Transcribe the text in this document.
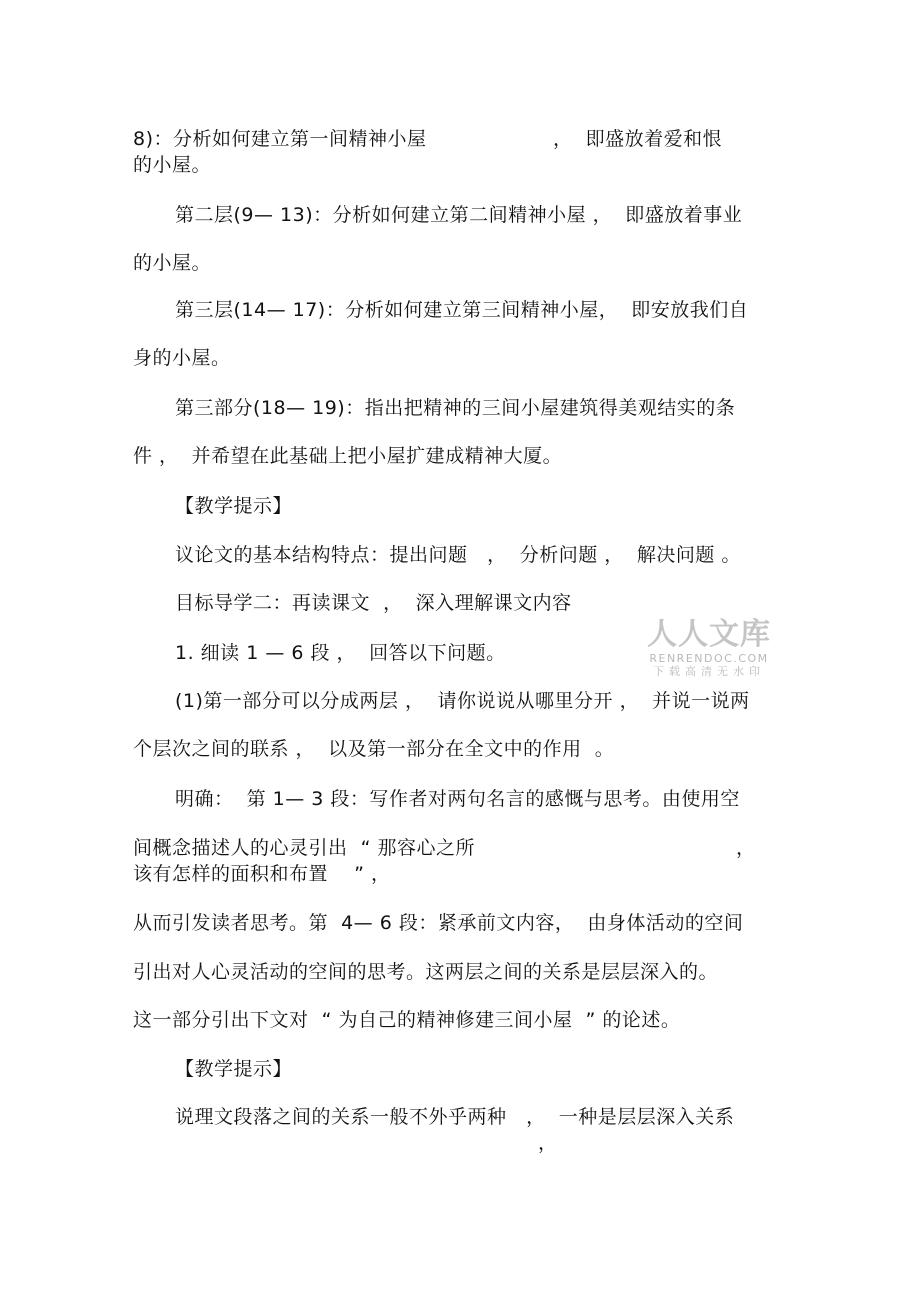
8)：分析如何建立第一间精神小屋	，  即盛放着爱和恨
的小屋。
第二层(9— 13)：分析如何建立第二间精神小屋 ，  即盛放着事业
的小屋。
第三层(14— 17)：分析如何建立第三间精神小屋，  即安放我们自
身的小屋。
第三部分(18— 19)：指出把精神的三间小屋建筑得美观结实的条
件 ，  并希望在此基础上把小屋扩建成精神大厦。
【教学提示】
议论文的基本结构特点：提出问题   ，  分析问题 ，  解决问题 。
目标导学二：再读课文  ，  深入理解课文内容
1. 细读 1 — 6 段 ，  回答以下问题。
(1)第一部分可以分成两层 ，  请你说说从哪里分开 ，  并说一说两
个层次之间的联系 ，  以及第一部分在全文中的作用  。
明确：  第 1— 3 段：写作者对两句名言的感慨与思考。由使用空
间概念描述人的心灵引出  “ 那容心之所	，
该有怎样的面积和布置    ” ，
从而引发读者思考。第  4— 6 段：紧承前文内容，  由身体活动的空间
引出对人心灵活动的空间的思考。这两层之间的关系是层层深入的。
这一部分引出下文对  “ 为自己的精神修建三间小屋  ” 的论述。
【教学提示】
说理文段落之间的关系一般不外乎两种   ，  一种是层层深入关系
，
人人文库
RENRENDOC.COM
下载高清无水印
